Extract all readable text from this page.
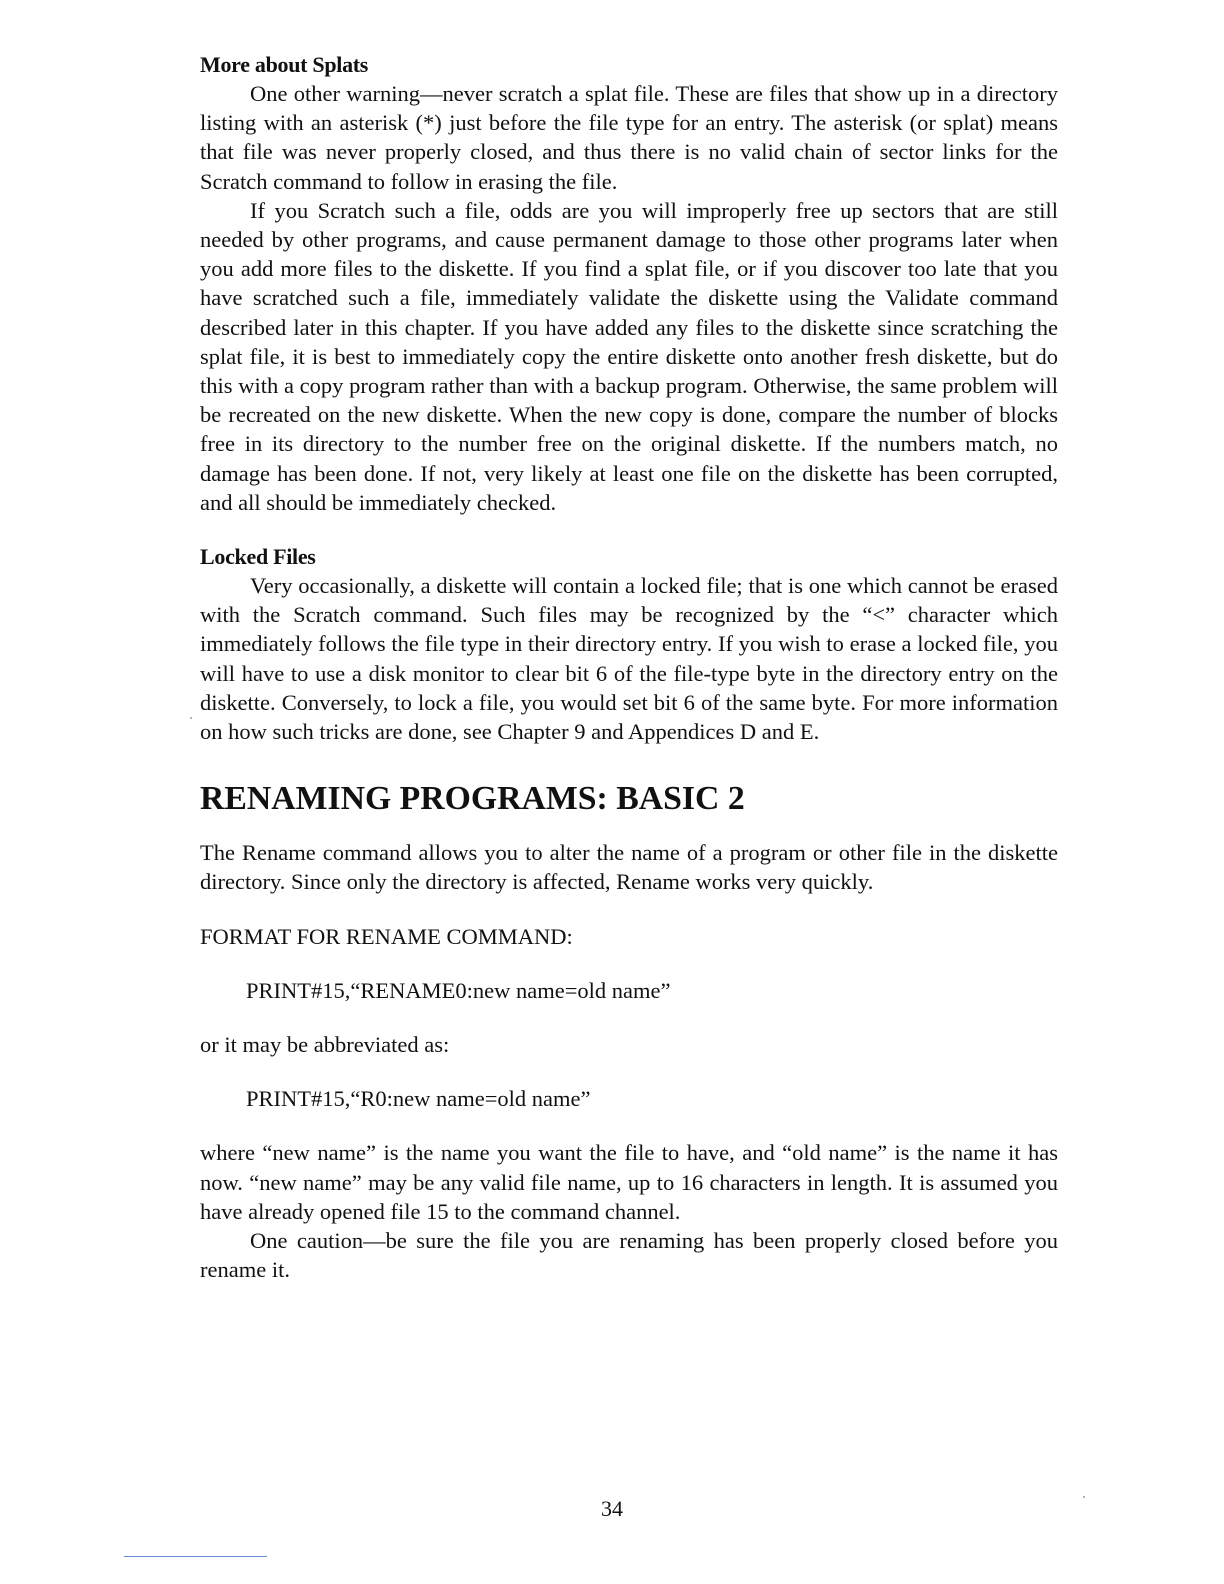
More about Splats

One other warning—never scratch a splat file. These are files that show up in a directory listing with an asterisk (*) just before the file type for an entry. The asterisk (or splat) means that file was never properly closed, and thus there is no valid chain of sector links for the Scratch command to follow in erasing the file.

If you Scratch such a file, odds are you will improperly free up sectors that are still needed by other programs, and cause permanent damage to those other programs later when you add more files to the diskette. If you find a splat file, or if you discover too late that you have scratched such a file, immediately validate the diskette using the Validate command described later in this chapter. If you have added any files to the diskette since scratching the splat file, it is best to immediately copy the entire diskette onto another fresh diskette, but do this with a copy program rather than with a backup program. Otherwise, the same problem will be recreated on the new diskette. When the new copy is done, compare the number of blocks free in its directory to the number free on the original diskette. If the numbers match, no damage has been done. If not, very likely at least one file on the diskette has been corrupted, and all should be immediately checked.

Locked Files

Very occasionally, a diskette will contain a locked file; that is one which cannot be erased with the Scratch command. Such files may be recognized by the “<” character which immediately follows the file type in their directory entry. If you wish to erase a locked file, you will have to use a disk monitor to clear bit 6 of the file-type byte in the directory entry on the diskette. Conversely, to lock a file, you would set bit 6 of the same byte. For more information on how such tricks are done, see Chapter 9 and Appendices D and E.

RENAMING PROGRAMS: BASIC 2

The Rename command allows you to alter the name of a program or other file in the diskette directory. Since only the directory is affected, Rename works very quickly.

FORMAT FOR RENAME COMMAND:

PRINT#15,“RENAME0:new name=old name”

or it may be abbreviated as:

PRINT#15,“R0:new name=old name”

where “new name” is the name you want the file to have, and “old name” is the name it has now. “new name” may be any valid file name, up to 16 characters in length. It is assumed you have already opened file 15 to the command channel.

One caution—be sure the file you are renaming has been properly closed before you rename it.

34
